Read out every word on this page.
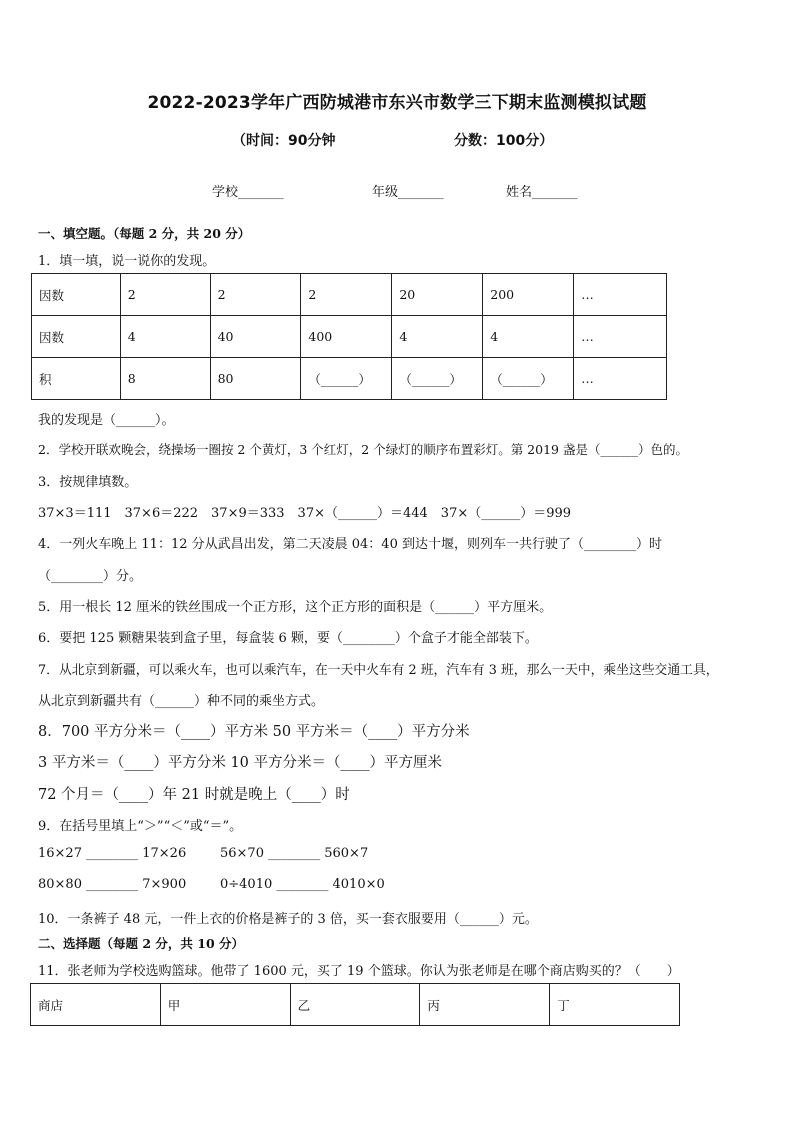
2022-2023学年广西防城港市东兴市数学三下期末监测模拟试题
（时间：90分钟	分数：100分）
学校_______	年级_______	姓名_______
一、填空题。（每题 2 分，共 20 分）
1．填一填，说一说你的发现。
因数	2	2	2	20	200	…
因数	4	40	400	4	4	…
积	8	80	（______）	（______）	（______）	…
我的发现是（______）。
2．学校开联欢晚会，绕操场一圈按 2 个黄灯，3 个红灯，2 个绿灯的顺序布置彩灯。第 2019 盏是（______）色的。
3．按规律填数。
37×3＝111　37×6＝222　37×9＝333　37×（______）＝444　37×（______）＝999
4．一列火车晚上 11：12 分从武昌出发，第二天凌晨 04：40 到达十堰，则列车一共行驶了（________）时
（________）分。
5．用一根长 12 厘米的铁丝围成一个正方形，这个正方形的面积是（______）平方厘米。
6．要把 125 颗糖果装到盒子里，每盒装 6 颗，要（________）个盒子才能全部装下。
7．从北京到新疆，可以乘火车，也可以乘汽车，在一天中火车有 2 班，汽车有 3 班，那么一天中，乘坐这些交通工具，
从北京到新疆共有（______）种不同的乘坐方式。
8．700 平方分米＝（____）平方米 50 平方米＝（____）平方分米
3 平方米＝（____）平方分米 10 平方分米＝（____）平方厘米
72 个月＝（____）年 21 时就是晚上（____）时
9．在括号里填上“＞”“＜”或“＝”。
16×27 ________ 17×26	56×70 ________ 560×7
80×80 ________ 7×900	0÷4010 ________ 4010×0
10．一条裤子 48 元，一件上衣的价格是裤子的 3 倍，买一套衣服要用（______）元。
二、选择题（每题 2 分，共 10 分）
11．张老师为学校选购篮球。他带了 1600 元，买了 19 个篮球。你认为张老师是在哪个商店购买的？（　　）
商店	甲	乙	丙	丁
